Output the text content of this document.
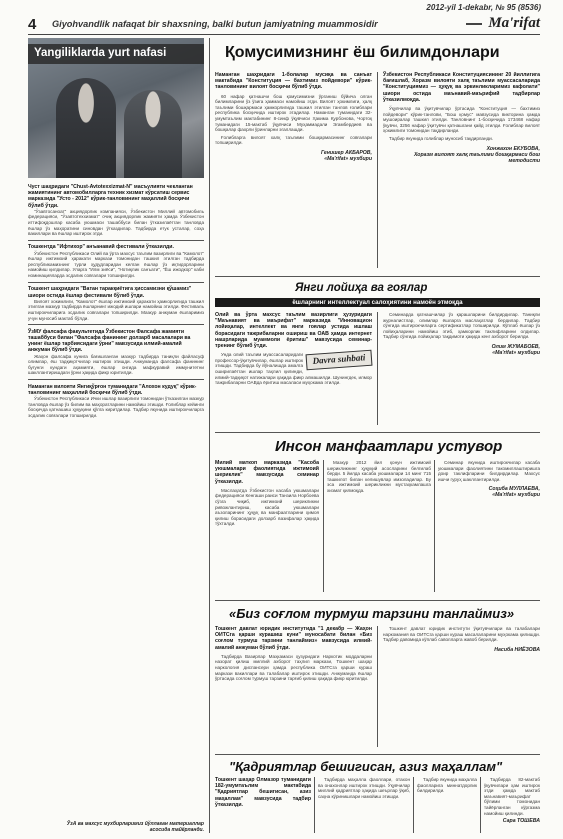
2012-yil 1-dekabr, № 95 (8536)
4 Giyohvandlik nafaqat bir shaxsning, balki butun jamiyatning muammosidir	Ma'rifat
Yangiliklarda yurt nafasi
Чуст шаҳридаги "Chust-Avtotexxizmat-N" масъулияти чекланган жамиятининг автомобилларга техник хизмат кўрсатиш сервис марказида "Усто - 2012" кўрик-танловининг маҳаллий босқичи бўлиб ўтди.
"Ўзавтосаноат" акциядорлик компанияси, Ўзбекистон Миллий автомобиль федерацияси, "Ўзавтотеххизмат" очиқ акциядорлик жамияти ҳамда Ўзбекистон иттифоқдошлар касаба уюшмаси ташаббуси билан ўтказилаётган танловда ёшлар ўз маҳоратини синовдан ўтказдилар. Тадбирда етук усталар, соҳа вакиллари ва ёшлар иштирок этди.
Тошкентда "Ифтихор" анъанавий фестивали ўтказилди.
Ўзбекистон Республикаси Олий ва ўрта махсус таълим вазирлиги ва "Камолот" ёшлар ижтимоий ҳаракати маркази томонидан ташкил этилган тадбирда республикамизнинг турли ҳудудларидан келган ёшлар ўз иқтидорларини намойиш қилдилар. Уларга "Илм зиёси", "Нотиқлик санъати", "Ёш ижодкор" каби номинацияларда эсдалик совғалари топширилди.
Тошкент шаҳридаги "Ватан таракқиётига ҳиссамизни қўшамиз" шиори остида ёшлар фестивали бўлиб ўтди.
Вилоят хокимлиги, "Камолот" ёшлар ижтимоий ҳаракати ҳамкорлигида ташкил этилган мазкур тадбирда ёшларнинг ижодий ишлари намойиш этилди. Фестиваль иштирокчиларига эсдалик совғалари топширилди. Мазкур анжуман ёшларимиз учун муносиб мактаб бўлди.
ЎзМУ фалсафа факультетида Ўзбекистон Фалсафа жамияти ташаббуси билан "Фалсафа фанининг долзарб масалалари ва унинг ёшлар тарбиясидаги ўрни" мавзусида илмий-амалий анжуман бўлиб ўтди.
Жаҳон фалсафа кунига бағишланган мазкур тадбирда таниқли файласуф олимлар, ёш тадқиқотчилар иштирок этишди. Анжуманда фалсафа фанининг бугунги кундаги аҳамияти, ёшлар онгида мафкуравий иммунитетни шакллантиришдаги ўрни ҳақида фикр юритилди.
Наманган вилояти Янгиқўрғон туманидаги "Алохон кудуқ" кўрик-танловининг маҳаллий босқичи бўлиб ўтди.
Ўзбекистон Республикаси Ички ишлар вазирлиги томонидан ўтказилган мазкур танловда ёшлар ўз билим ва маҳоратларини намойиш этишди. Ғолиблар кейинги босқичда қатнашиш ҳуқуқини қўлга киритдилар. Тадбир якунида иштирокчиларга эсдалик совғалари топширилди.
ЎзА ва махсус мухбирларимиз йўллаган материаллар асосида тайёрланди.
Қомусимизнинг ёш билимдонлари
Наманган шаҳридаги 1-болалар мусиқа ва санъат мактабида "Конституция — бахтимиз пойдевори" кўрик-танловининг вилоят босқичи бўлиб ўтди.
60 нафар қатнашчи бош қомусимизни ўрганиш бўйича олган билимларини ўз ўзига ҳаммаси намойиш этди. Вилоят ҳокимлиги, ҳалқ таълими бошқармаси ҳамкорлигида ташкил этилган танлов ғолиблари республика босқичида иштирок этадилар. Наманган туманидаги 32-умумтаълим мактабининг 8-синф ўқувчиси Ҳакима Қурбонова, Чортоқ туманидаги 15-мактаб ўқувчиси Муҳаммадали Эгамбердиев ва бошқалар фахрли ўринларни эгаллашди.
Ғолибларга вилоят халқ таълими бошқармасининг совғалари топширилди.
Генишер АКБАРОВ,
«Ma'rifat» мухбири
Ўзбекистон Республикаси Конституциясининг 20 йиллигига бағишлаб, Хоразм вилояти халқ таълими муассасаларида "Конституциямиз — ҳуқуқ ва эркинликларимиз кафолати" шиори остида маънавий-маърифий тадбирлар ўтказилмоқда.
Ўқувчилар ва ўқитувчилар ўртасида "Конституция — бахтимиз пойдевори" кўрик-танлови, "Бош қомус" мавзусида викторина ҳамда мушоиралар ташкил этилди. Танловнинг 1-босқичида 173468 нафар ўқувчи, 3256 нафар ўқитувчи қатнашгани қайд этилди. Ғолиблар вилоят ҳокимлиги томонидан тақдирланди.
Тадбир якунида голиблар муносиб тақдирланди.
Хонжахон ЕКУБОВА,
Хоразм вилоят халқ таълими бошқармаси бош методисти
Янги лойиҳа ва гоялар
ёшларнинг интеллектуал салоҳиятини намоён этмоқда
Олий ва ўрта махсус таълим вазирлиги ҳузуридаги "Маънавият ва маърифат" марказида "Инновацион лойиҳалар, интеллект ва янги гоялар устида ишлаш борасидаги тажрибаларни ошириш ва ОАВ ҳамда интернет нашрларида муаммоли ёритиш" мавзусида семинар-тренинг бўлиб ўтди.
Davra suhbati
Унда олий таълим муассасаларидаги профессор-ўқитувчилар, ёшлар иштирок этишди. Тадбирда бу йўналишда амалга оширилаётган ишлар таҳлил қилинди, илмий-тадқиқот натижалари ҳақида фикр алмашилди. Шунингдек, илмор тажрибаларни ОАВда ёритиш масаласи муҳокама этилди.
Семинарда қатнашчилар ўз қарашларини билдирдилар. Таниқли журналистлар, олимлар ёшларга маслаҳатлар бердилар. Тадбир сўнгида иштирокчиларга сертификатлар топширилди. Кўплаб ёшлар ўз лойиҳаларини намойиш этиб, ҳамкорлик таклифларини олдилар. Тадбир сўнгида лойиҳалар тақдимоти ҳақида кенг ахборот берилди.
Олим ЖУМАБОЕВ,
«Ma'rifat» мухбири
Инсон манфаатлари устувор
Милий маткоп марказида "Касоба уюшмалари фаолиятида ижтимоий шериклик" мавзусида семинар ўтказилди.
Маслаҳатда Ўзбекистон касаба уюшмалари федерацияси Кенгаши раиси Танзила Норбоева сўзга чиқиб, ижтимоий шерикликни ривожлантириш, касаба уюшмалари аъзоларининг ҳуқуқ ва манфаатларини ҳимоя қилиш борасидаги долзарб вазифалар ҳақида тўхталди.
Мазкур 2012 йил қонун ижтимоий шерикликнинг ҳуқуқий асосларини белгилаб берди. 5 йилда касаба уюшмалари 14 минг 715 ташкилот билан келишувлар имзоладилар. Бу эса ижтимоий шерикликни мустаҳкамлашга хизмат қилмоқда.
Семинар якунида иштирокчилар касаба уюшмалари фаолиятини такомиллаштиришга доир таклифларини билдирдилар. Махсус ишчи гуруҳ шакллантирилди.
Соҳиба МУЛЛАЕВА,
«Ma'rifat» мухбири
«Биз соғлом турмуш тарзини танлаймиз»
Тошкент давлат юридик институтида "1 декабр — Жаҳон ОИТСга қарши курашиш куни" муносабати билан «Биз соғлом турмуш тарзини танлаймиз» мавзусида илмий-амалий анжуман бўлиб ўтди.
Тадбирда Вазирлар Маҳкамаси ҳузуридаги Наркотик моддаларни назорат қилиш миллий ахборот таҳлил маркази, Тошкент шаҳар наркология диспансери ҳамда республика ОИТСга қарши кураш маркази вакиллари ва талабалар иштирок этишди. Анжуманда ёшлар ўртасида соғлом турмуш тарзини тарғиб қилиш ҳақида фикр юритилди.
Тошкент давлат юридик институти ўқитувчилари ва талабалари наркомания ва ОИТСга қарши кураш масалаларини муҳокама қилишди. Тадбир давомида кўплаб саволларга жавоб берилди.
Насиба НИЁЗОВА
"Қадриятлар бешигисан, азиз маҳаллам"
Тошкент шаҳар Олмазор туманидаги 182-умумтаълим мактабида "Қадриятлар бешигисан, азиз маҳаллам" мавзусида тадбир ўтказилди.
Тадбирда маҳалла фаоллари, отахон ва онахонлар иштирок этишди. Ўқувчилар миллий қадриятлар ҳақида шеърлар ўқиб, саҳна кўринишлари намойиш этишди.
Тадбир якунида маҳалла фаолларига миннатдорлик билдирилди.
Тадбирда 82-мактаб ўқувчилари ҳам иштирок этди ҳамда мактаб маънавият-маърифат бўлими томонидан тайёрланган кўргазма намойиш қилинди.
Сара ТОШЕВА
